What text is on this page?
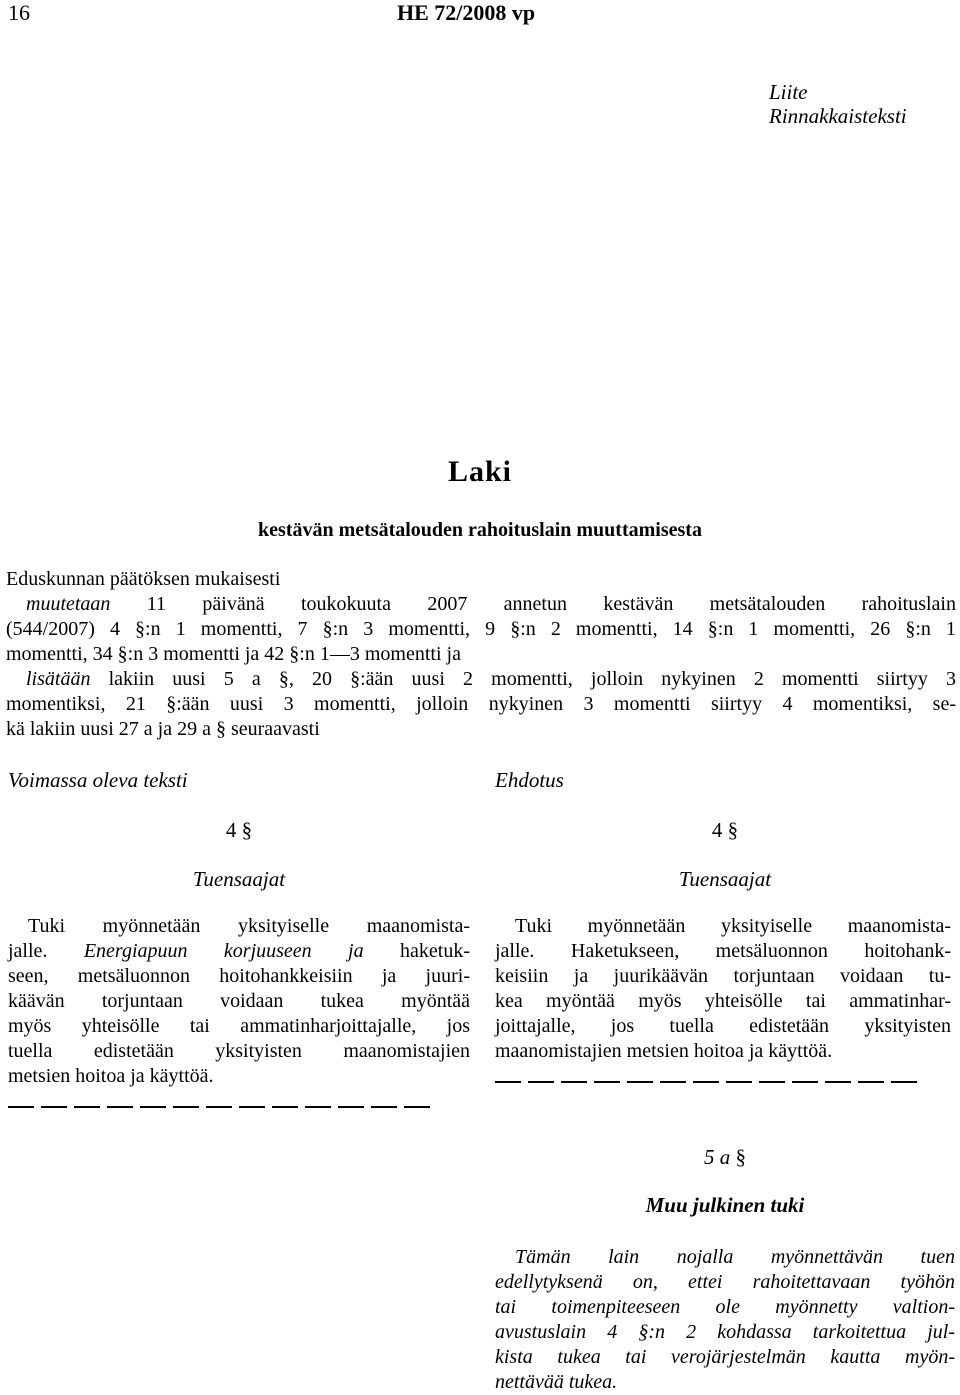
16	HE 72/2008 vp
Liite
Rinnakkaisteksti
Laki
kestävän metsätalouden rahoituslain muuttamisesta
Eduskunnan päätöksen mukaisesti
muutetaan 11 päivänä toukokuuta 2007 annetun kestävän metsätalouden rahoituslain
(544/2007) 4 §:n 1 momentti, 7 §:n 3 momentti, 9 §:n 2 momentti, 14 §:n 1 momentti, 26 §:n 1
momentti, 34 §:n 3 momentti ja 42 §:n 1—3 momentti ja
lisätään lakiin uusi 5 a §, 20 §:ään uusi 2 momentti, jolloin nykyinen 2 momentti siirtyy 3
momentiksi, 21 §:ään uusi 3 momentti, jolloin nykyinen 3 momentti siirtyy 4 momentiksi, se-
kä lakiin uusi 27 a ja 29 a § seuraavasti
Voimassa oleva teksti	Ehdotus
4 §
Tuensaajat
Tuki myönnetään yksityiselle maanomista-
jalle. Energiapuun korjuuseen ja haketuk-
seen, metsäluonnon hoitohankkeisiin ja juuri-
käävän torjuntaan voidaan tukea myöntää
myös yhteisölle tai ammatinharjoittajalle, jos
tuella edistetään yksityisten maanomistajien
metsien hoitoa ja käyttöä.
4 §
Tuensaajat
Tuki myönnetään yksityiselle maanomista-
jalle. Haketukseen, metsäluonnon hoitohank-
keisiin ja juurikäävän torjuntaan voidaan tu-
kea myöntää myös yhteisölle tai ammatinhar-
joittajalle, jos tuella edistetään yksityisten
maanomistajien metsien hoitoa ja käyttöä.
5 a §
Muu julkinen tuki
Tämän lain nojalla myönnettävän tuen
edellytyksenä on, ettei rahoitettavaan työhön
tai toimenpiteeseen ole myönnetty valtion-
avustuslain 4 §:n 2 kohdassa tarkoitettua jul-
kista tukea tai verojärjestelmän kautta myön-
nettävää tukea.
